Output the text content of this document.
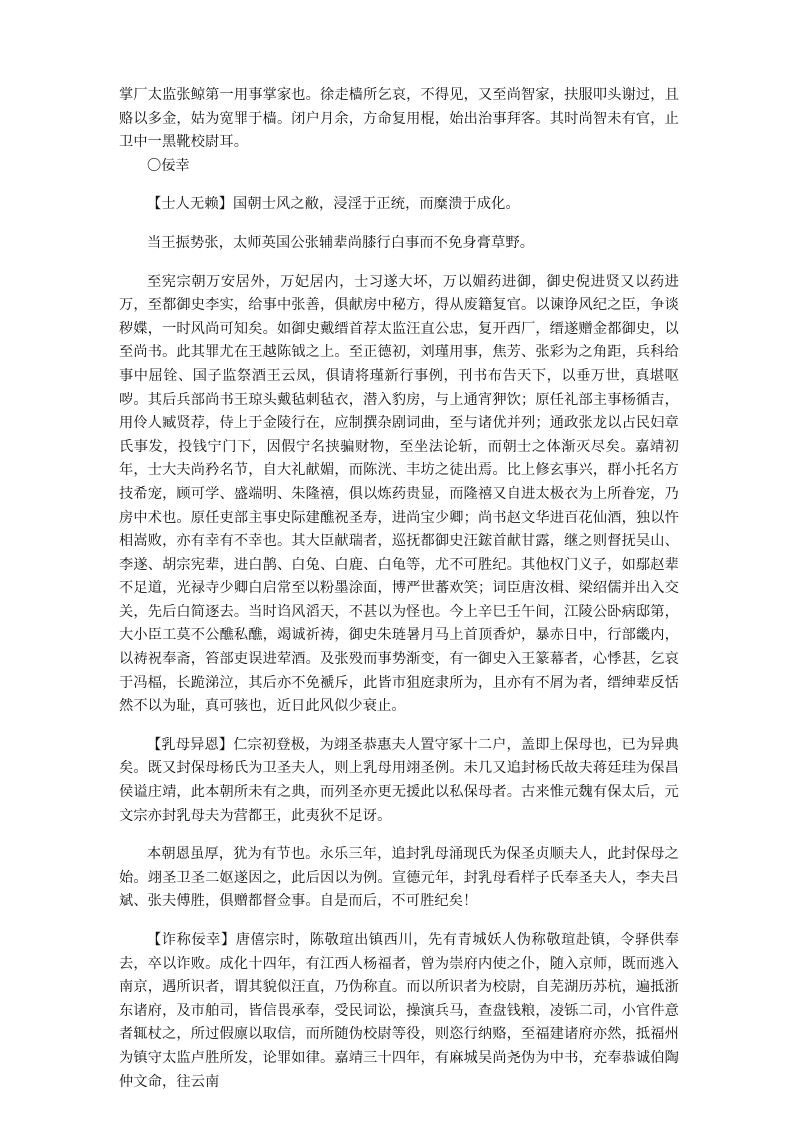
掌厂太监张鲸第一用事掌家也。徐走樯所乞哀，不得见，又至尚智家，扶服叩头谢过，且赂以多金，姑为宽罪于樯。闭户月余，方命复用棍，始出治事拜客。其时尚智未有官，止卫中一黑靴校尉耳。

〇佞幸

【士人无赖】国朝士风之敝，浸淫于正统，而糜溃于成化。

当王振势张，太师英国公张辅辈尚膝行白事而不免身膏草野。

至宪宗朝万安居外，万妃居内，士习遂大坏，万以媚药进御，御史倪进贤又以药进万，至都御史李实，给事中张善，俱献房中秘方，得从废籍复官。以谏诤风纪之臣，争谈秽媟，一时风尚可知矣。如御史戴缙首荐太监汪直公忠，复开西厂，缙遂赠金都御史，以至尚书。此其罪尤在王越陈钺之上。至正德初，刘瑾用事，焦芳、张彩为之角距，兵科给事中屈铨、国子监祭酒王云凤，俱请将瑾新行事例，刊书布告天下，以垂万世，真堪呕哕。其后兵部尚书王琼头戴毡刺毡衣，潜入豹房，与上通宵狎饮；原任礼部主事杨循吉，用伶人臧贤荐，侍上于金陵行在，应制撰杂剧词曲，至与诸优并列；通政张龙以占民妇章氏事发，投钱宁门下，因假宁名挟骗财物，至坐法论斩，而朝士之体渐灭尽矣。嘉靖初年，士大夫尚矜名节，自大礼献媚，而陈洸、丰坊之徒出焉。比上修玄事兴，群小托名方技希宠，顾可学、盛端明、朱隆禧，俱以炼药贵显，而隆禧又自进太极衣为上所眷宠，乃房中术也。原任吏部主事史际建醮祝圣寿，进尚宝少卿；尚书赵文华进百花仙酒，独以忤相嵩败，亦有幸有不幸也。其大臣献瑞者，巡抚都御史汪鋐首献甘露，继之则督抚吴山、李遂、胡宗宪辈，进白鹊、白兔、白鹿、白龟等，尤不可胜纪。其他权门义子，如鄢赵辈不足道，光禄寺少卿白启常至以粉墨涂面，博严世蕃欢笑；词臣唐汝楫、梁绍儒并出入交关，先后白简逐去。当时诌风滔天，不甚以为怪也。今上辛巳壬午间，江陵公卧病邸第，大小臣工莫不公醮私醮，竭诚祈祷，御史朱琏暑月马上首顶香炉，暴赤日中，行部畿内，以祷祝奉斋，笞部吏误进荤酒。及张殁而事势渐变，有一御史入王篆幕者，心悸甚，乞哀于冯楅，长跪涕泣，其后亦不免褫斥，此皆市狙庭隶所为，且亦有不屑为者，缙绅辈反恬然不以为耻，真可骇也，近日此风似少衰止。

【乳母异恩】仁宗初登极，为翊圣恭惠夫人置守冢十二户，盖即上保母也，已为异典矣。既又封保母杨氏为卫圣夫人，则上乳母用翊圣例。未几又追封杨氏故夫蒋廷珪为保昌侯谥庄靖，此本朝所未有之典，而列圣亦更无援此以私保母者。古来惟元魏有保太后，元文宗亦封乳母夫为营都王，此夷狄不足讶。

本朝恩虽厚，犹为有节也。永乐三年，追封乳母涌现氏为保圣贞顺夫人，此封保母之始。翊圣卫圣二妪遂因之，此后因以为例。宣德元年，封乳母看样子氏奉圣夫人，李夫吕斌、张夫傅胜，俱赠都督佥事。自是而后，不可胜纪矣！

【诈称佞幸】唐僖宗时，陈敬瑄出镇西川，先有青城妖人伪称敬瑄赴镇，令驿供奉去，卒以诈败。成化十四年，有江西人杨福者，曾为崇府内使之仆，随入京师，既而逃入南京，遇所识者，谓其貌似汪直，乃伪称直。而以所识者为校尉，自芜湖历苏杭，遍抵浙东诸府，及市舶司，皆信畏承奉，受民词讼，操演兵马，查盘钱粮，凌铄二司，小官件意者辄杖之，所过假廪以取信，而所随伪校尉等役，则恣行纳赂，至福建诸府亦然，抵福州为镇守太监卢胜所发，论罪如律。嘉靖三十四年，有麻城吴尚尧伪为中书，充奉恭诚伯陶仲文命，往云南
